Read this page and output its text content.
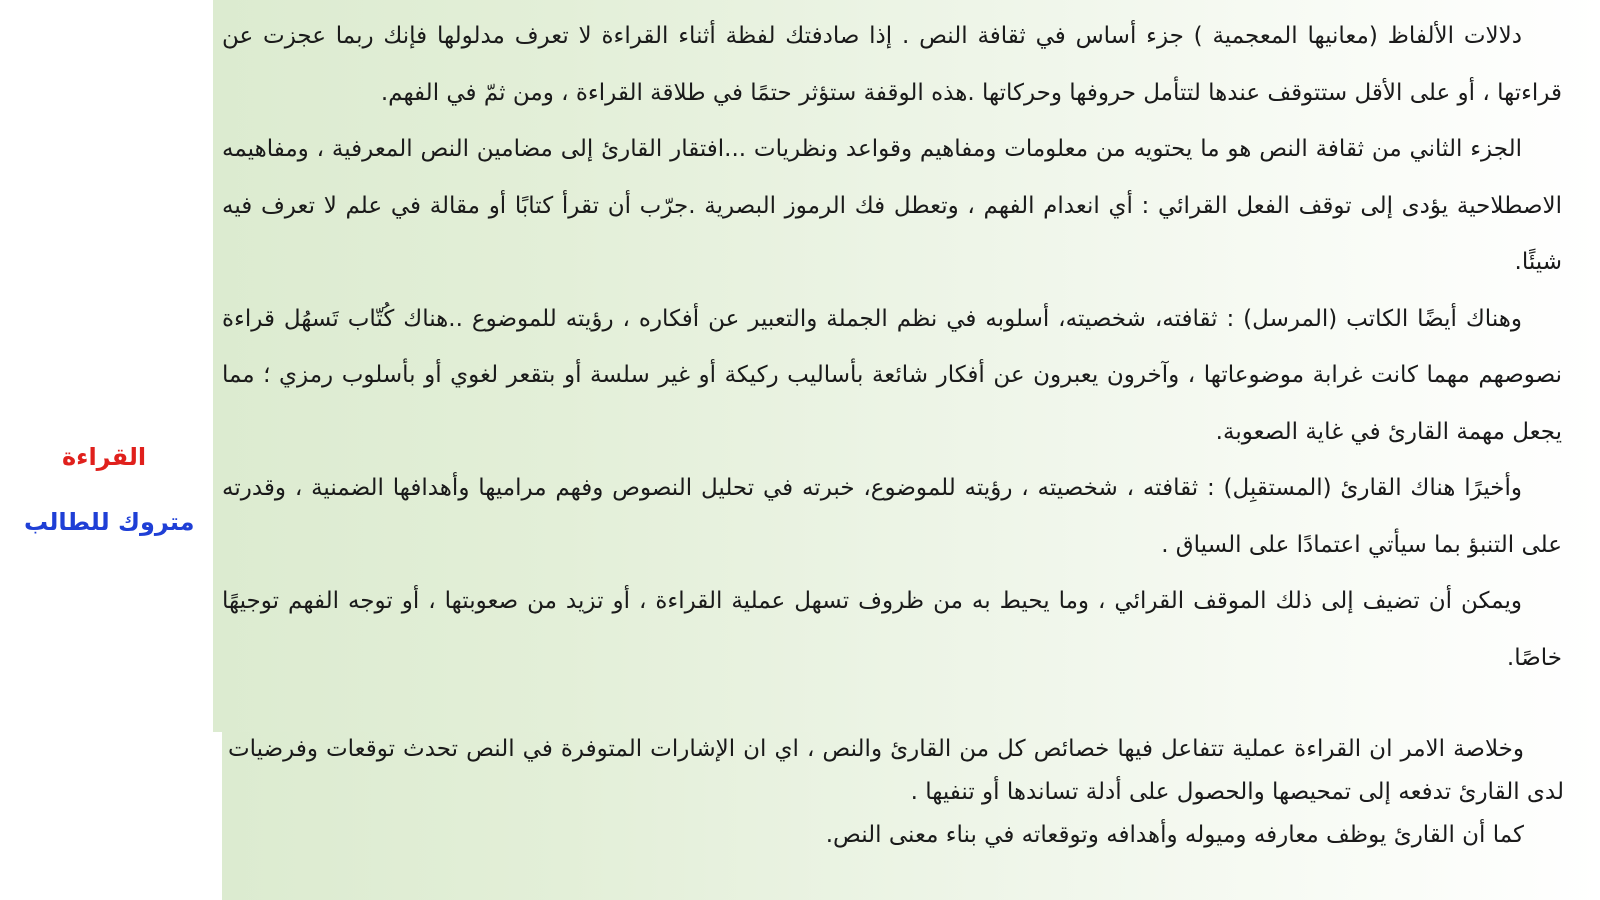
دلالات الألفاظ (معانيها المعجمية ) جزء أساس في ثقافة النص . إذا صادفتك لفظة أثناء القراءة لا تعرف مدلولها فإنك ربما عجزت عن قراءتها ، أو على الأقل ستتوقف عندها لتتأمل حروفها وحركاتها .هذه الوقفة ستؤثر حتمًا في طلاقة القراءة ، ومن ثمّ في الفهم.

الجزء الثاني من ثقافة النص هو ما يحتويه من معلومات ومفاهيم وقواعد ونظريات ...افتقار القارئ إلى مضامين النص المعرفية ، ومفاهيمه الاصطلاحية يؤدى إلى توقف الفعل القرائي : أي انعدام الفهم ، وتعطل فك الرموز البصرية .جرّب أن تقرأ كتابًا أو مقالة في علم لا تعرف فيه شيئًا.

وهناك أيضًا الكاتب (المرسل) : ثقافته، شخصيته، أسلوبه في نظم الجملة والتعبير عن أفكاره ، رؤيته للموضوع ..هناك كُتّاب تَسهُل قراءة نصوصهم مهما كانت غرابة موضوعاتها ، وآخرون يعبرون عن أفكار شائعة بأساليب ركيكة أو غير سلسة أو بتقعر لغوي أو بأسلوب رمزي ؛ مما يجعل مهمة القارئ في غاية الصعوبة.

وأخيرًا هناك القارئ (المستقبِل) : ثقافته ، شخصيته ، رؤيته للموضوع، خبرته في تحليل النصوص وفهم مراميها وأهدافها الضمنية ، وقدرته على التنبؤ بما سيأتي اعتمادًا على السياق .

ويمكن أن تضيف إلى ذلك الموقف القرائي ، وما يحيط به من ظروف تسهل عملية القراءة ، أو تزيد من صعوبتها ، أو توجه الفهم توجيهًا خاصًا.

وخلاصة الامر ان القراءة عملية تتفاعل فيها خصائص كل من القارئ والنص ، اي ان الإشارات المتوفرة في النص تحدث توقعات وفرضيات لدى القارئ تدفعه إلى تمحيصها والحصول على أدلة تساندها أو تنفيها .

كما أن القارئ يوظف معارفه وميوله وأهدافه وتوقعاته في بناء معنى النص.

القراءة
متروك للطالب
